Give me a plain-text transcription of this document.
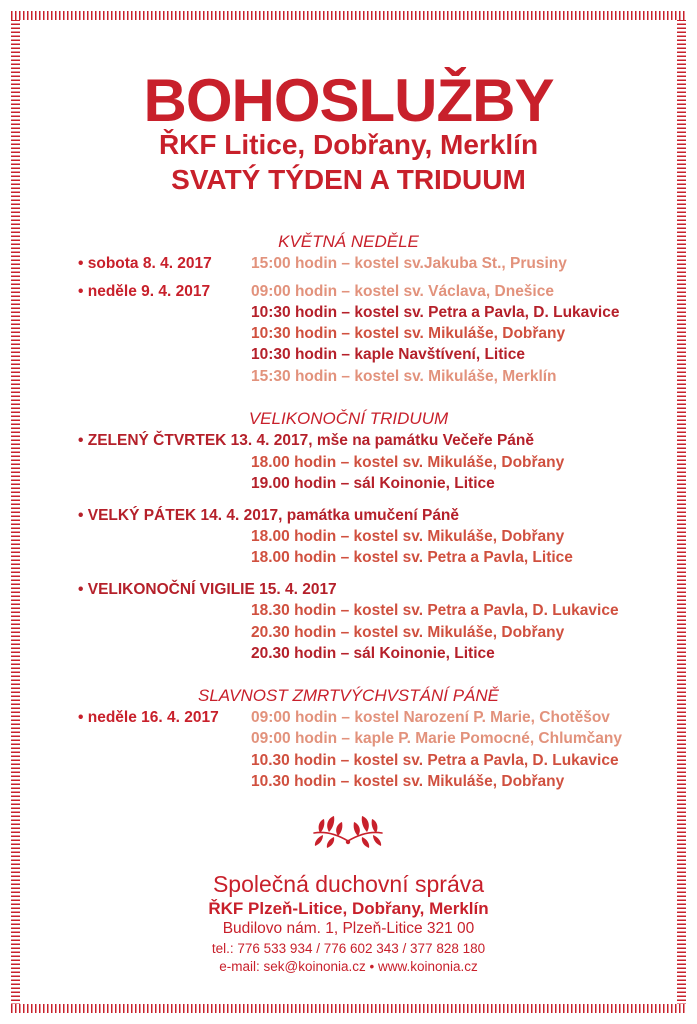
BOHOSLUŽBY
ŘKF Litice, Dobřany, Merklín
SVATÝ TÝDEN A TRIDUUM
KVĚTNÁ NEDĚLE
• sobota 8. 4. 2017	15:00 hodin – kostel sv.Jakuba St., Prusiny
• neděle 9. 4. 2017	09:00 hodin – kostel sv. Václava, Dnešice
10:30 hodin – kostel sv. Petra a Pavla, D. Lukavice
10:30 hodin – kostel sv. Mikuláše, Dobřany
10:30 hodin – kaple Navštívení, Litice
15:30 hodin – kostel sv. Mikuláše, Merklín
VELIKONOČNÍ TRIDUUM
• ZELENÝ ČTVRTEK 13. 4. 2017, mše na památku Večeře Páně
18.00 hodin – kostel sv. Mikuláše, Dobřany
19.00 hodin – sál Koinonie, Litice
• VELKÝ PÁTEK 14. 4. 2017, památka umučení Páně
18.00 hodin – kostel sv. Mikuláše, Dobřany
18.00 hodin – kostel sv. Petra a Pavla, Litice
• VELIKONOČNÍ VIGILIE 15. 4. 2017
18.30 hodin – kostel sv. Petra a Pavla, D. Lukavice
20.30 hodin – kostel sv. Mikuláše, Dobřany
20.30 hodin – sál Koinonie, Litice
SLAVNOST ZMRTVÝCHVSTÁNÍ PÁNĚ
• neděle 16. 4. 2017 09:00 hodin – kostel Narození P. Marie, Chotěšov
09:00 hodin – kaple P. Marie Pomocné, Chlumčany
10.30 hodin – kostel sv. Petra a Pavla, D. Lukavice
10.30 hodin – kostel sv. Mikuláše, Dobřany
Společná duchovní správa
ŘKF Plzeň-Litice, Dobřany, Merklín
Budilovo nám. 1, Plzeň-Litice 321 00
tel.: 776 533 934 / 776 602 343 / 377 828 180
e-mail: sek@koinonia.cz • www.koinonia.cz
